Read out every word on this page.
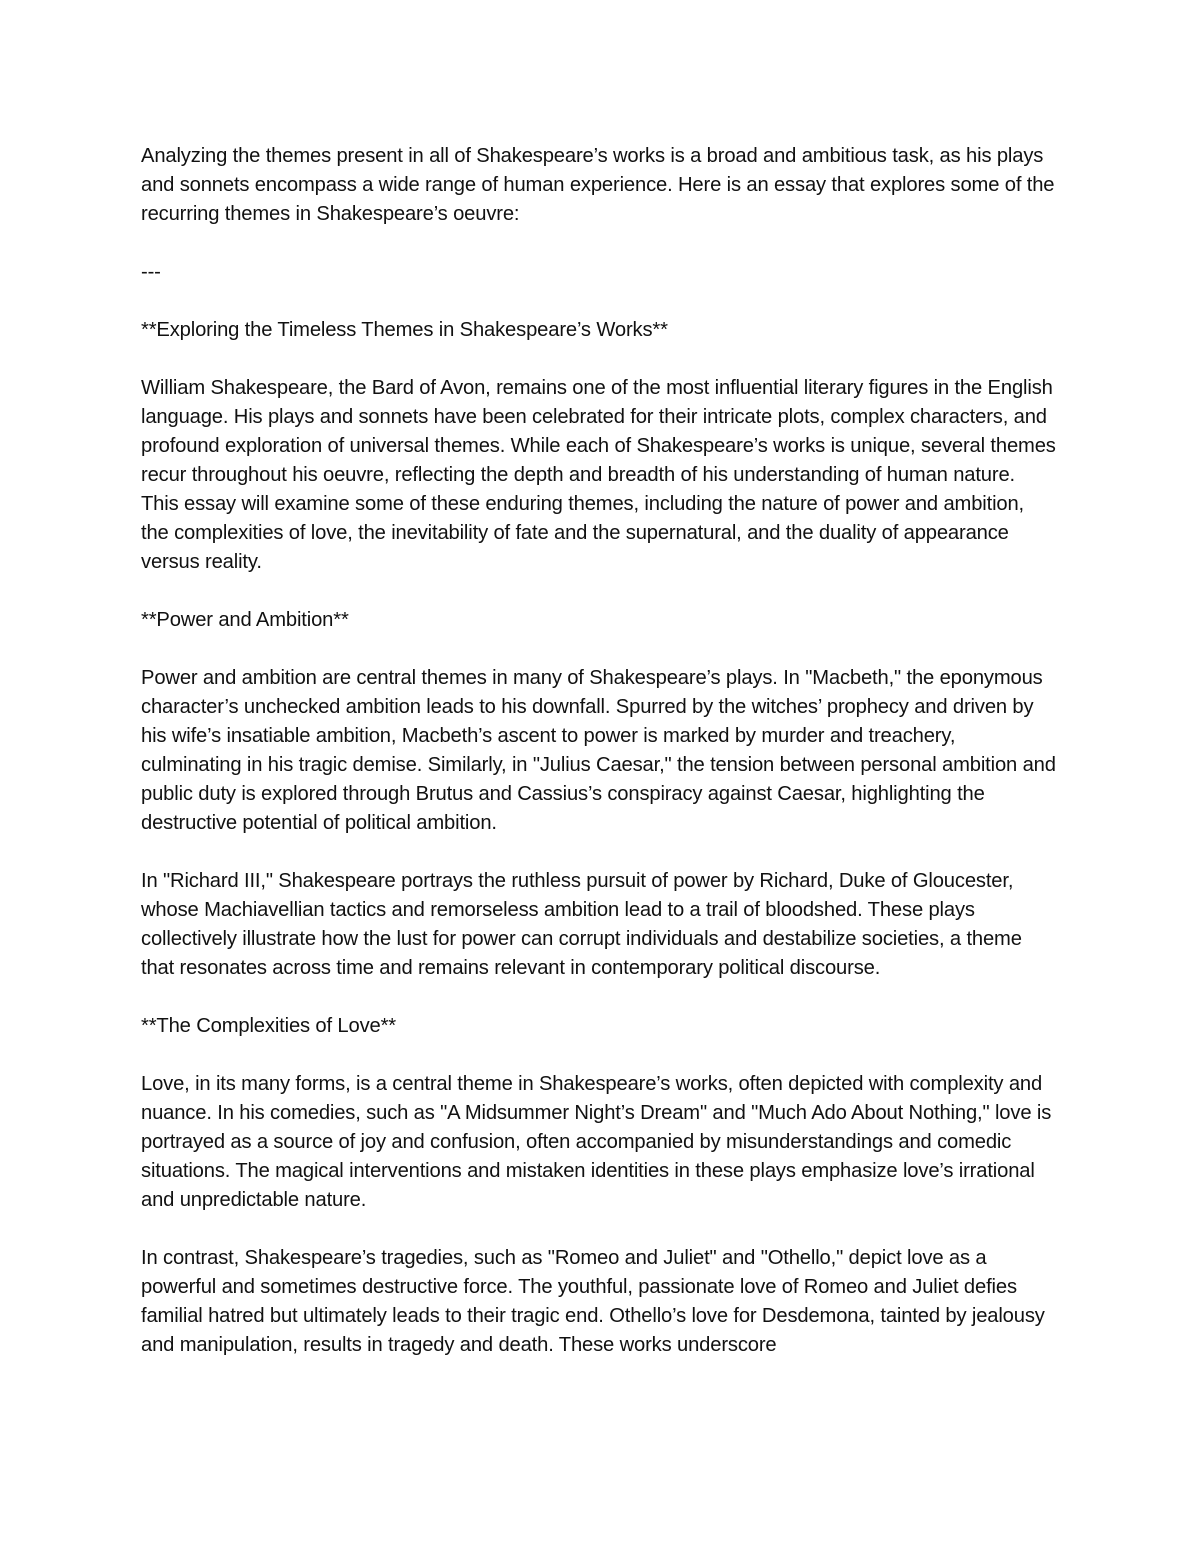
Analyzing the themes present in all of Shakespeare’s works is a broad and ambitious task, as his plays and sonnets encompass a wide range of human experience. Here is an essay that explores some of the recurring themes in Shakespeare’s oeuvre:

---

**Exploring the Timeless Themes in Shakespeare’s Works**

William Shakespeare, the Bard of Avon, remains one of the most influential literary figures in the English language. His plays and sonnets have been celebrated for their intricate plots, complex characters, and profound exploration of universal themes. While each of Shakespeare’s works is unique, several themes recur throughout his oeuvre, reflecting the depth and breadth of his understanding of human nature. This essay will examine some of these enduring themes, including the nature of power and ambition, the complexities of love, the inevitability of fate and the supernatural, and the duality of appearance versus reality.

**Power and Ambition**

Power and ambition are central themes in many of Shakespeare’s plays. In "Macbeth," the eponymous character’s unchecked ambition leads to his downfall. Spurred by the witches’ prophecy and driven by his wife’s insatiable ambition, Macbeth’s ascent to power is marked by murder and treachery, culminating in his tragic demise. Similarly, in "Julius Caesar," the tension between personal ambition and public duty is explored through Brutus and Cassius’s conspiracy against Caesar, highlighting the destructive potential of political ambition.

In "Richard III," Shakespeare portrays the ruthless pursuit of power by Richard, Duke of Gloucester, whose Machiavellian tactics and remorseless ambition lead to a trail of bloodshed. These plays collectively illustrate how the lust for power can corrupt individuals and destabilize societies, a theme that resonates across time and remains relevant in contemporary political discourse.

**The Complexities of Love**

Love, in its many forms, is a central theme in Shakespeare’s works, often depicted with complexity and nuance. In his comedies, such as "A Midsummer Night’s Dream" and "Much Ado About Nothing," love is portrayed as a source of joy and confusion, often accompanied by misunderstandings and comedic situations. The magical interventions and mistaken identities in these plays emphasize love’s irrational and unpredictable nature.

In contrast, Shakespeare’s tragedies, such as "Romeo and Juliet" and "Othello," depict love as a powerful and sometimes destructive force. The youthful, passionate love of Romeo and Juliet defies familial hatred but ultimately leads to their tragic end. Othello’s love for Desdemona, tainted by jealousy and manipulation, results in tragedy and death. These works underscore
